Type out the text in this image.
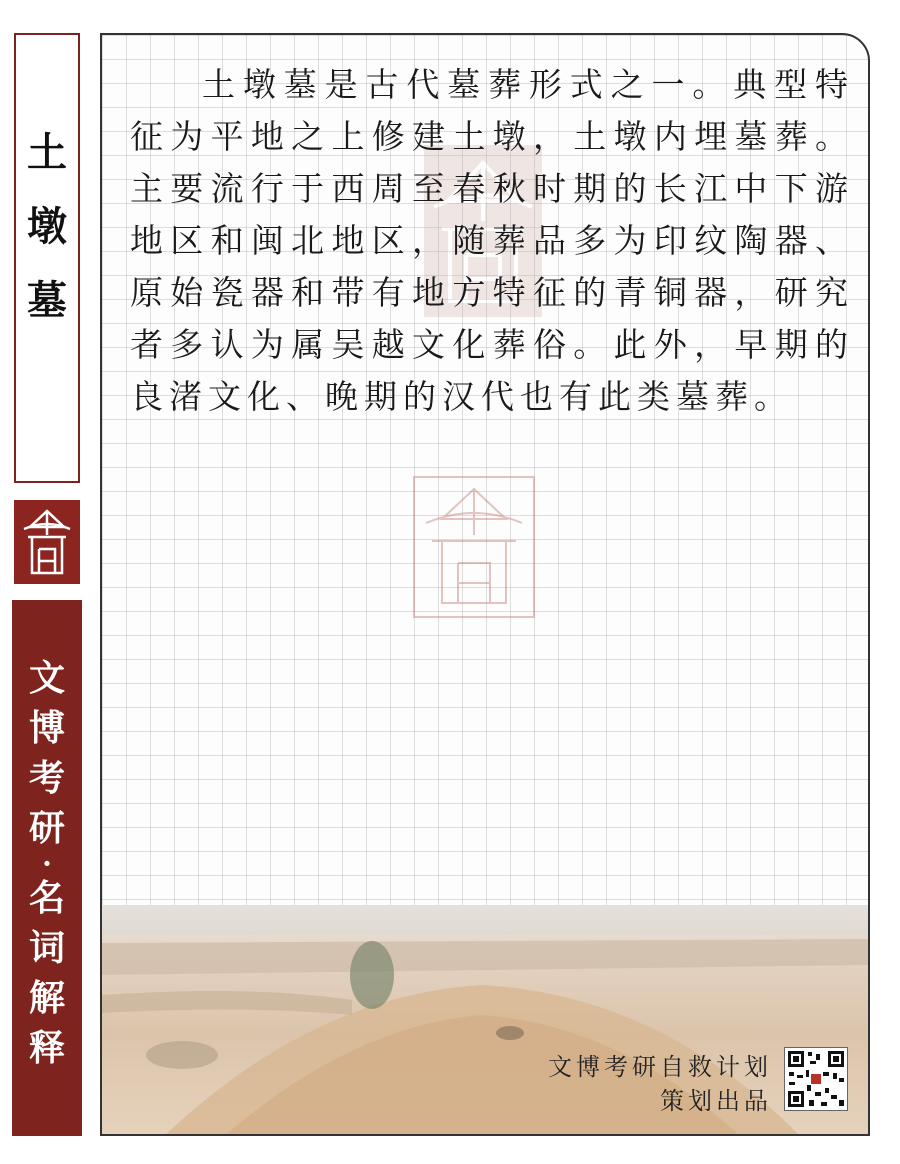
土
墩
墓
文
博
考
研
·
名
词
解
释
土墩墓是古代墓葬形式之一。典型特征为平地之上修建土墩，土墩内埋墓葬。主要流行于西周至春秋时期的长江中下游地区和闽北地区，随葬品多为印纹陶器、原始瓷器和带有地方特征的青铜器，研究者多认为属吴越文化葬俗。此外，早期的良渚文化、晚期的汉代也有此类墓葬。
文博考研自救计划
策划出品
